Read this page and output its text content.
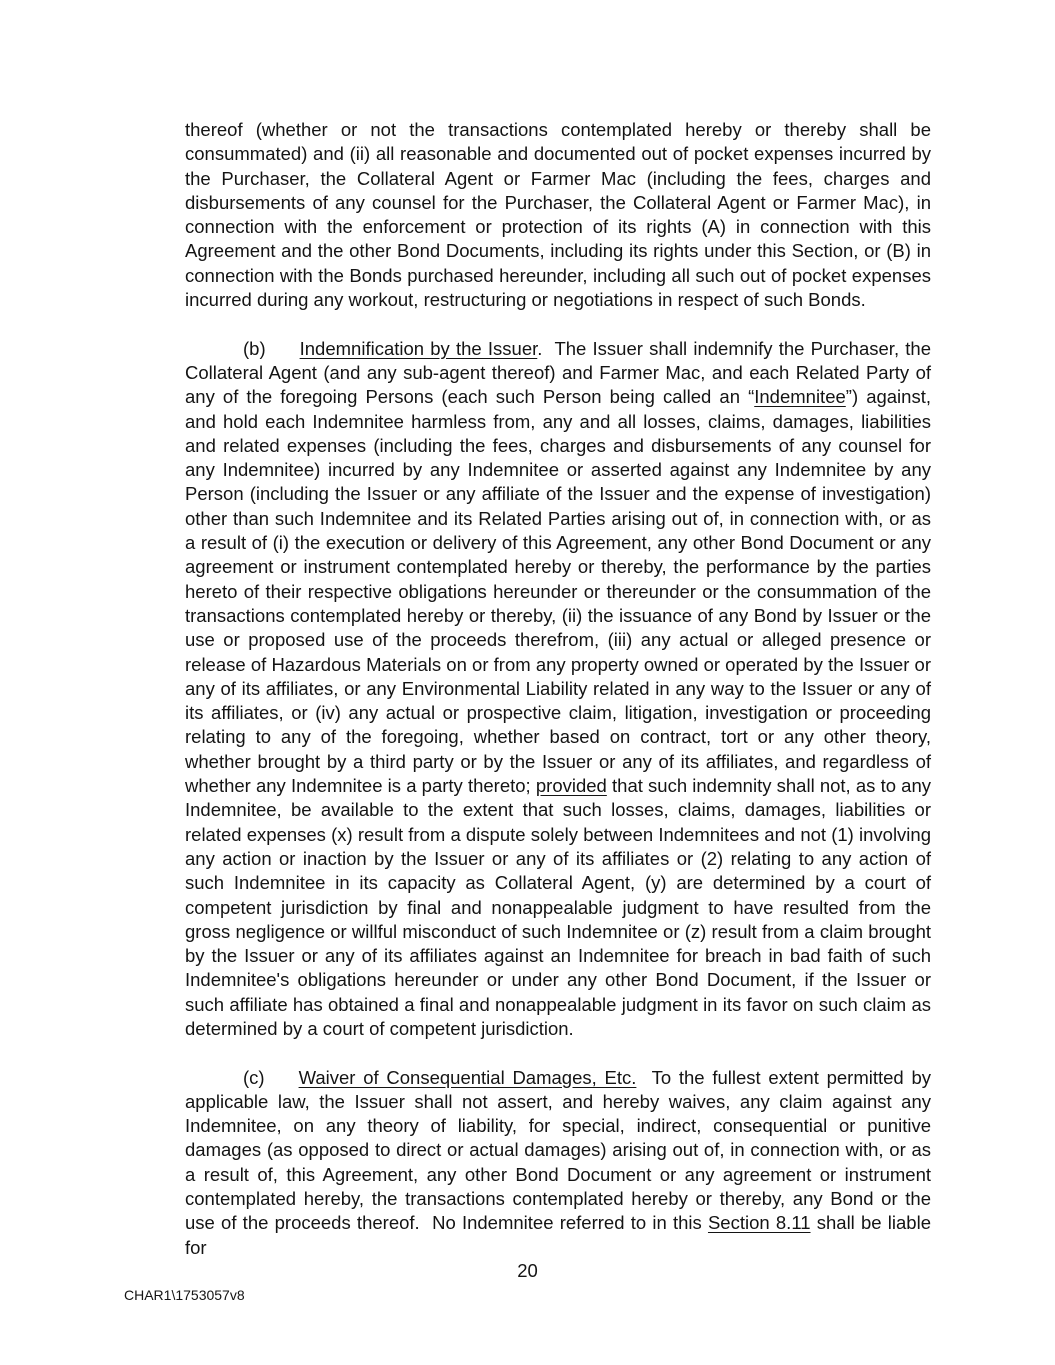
thereof (whether or not the transactions contemplated hereby or thereby shall be consummated) and (ii) all reasonable and documented out of pocket expenses incurred by the Purchaser, the Collateral Agent or Farmer Mac (including the fees, charges and disbursements of any counsel for the Purchaser, the Collateral Agent or Farmer Mac), in connection with the enforcement or protection of its rights (A) in connection with this Agreement and the other Bond Documents, including its rights under this Section, or (B) in connection with the Bonds purchased hereunder, including all such out of pocket expenses incurred during any workout, restructuring or negotiations in respect of such Bonds.

(b) Indemnification by the Issuer.  The Issuer shall indemnify the Purchaser, the Collateral Agent (and any sub-agent thereof) and Farmer Mac, and each Related Party of any of the foregoing Persons (each such Person being called an “Indemnitee”) against, and hold each Indemnitee harmless from, any and all losses, claims, damages, liabilities and related expenses (including the fees, charges and disbursements of any counsel for any Indemnitee) incurred by any Indemnitee or asserted against any Indemnitee by any Person (including the Issuer or any affiliate of the Issuer and the expense of investigation) other than such Indemnitee and its Related Parties arising out of, in connection with, or as a result of (i) the execution or delivery of this Agreement, any other Bond Document or any agreement or instrument contemplated hereby or thereby, the performance by the parties hereto of their respective obligations hereunder or thereunder or the consummation of the transactions contemplated hereby or thereby, (ii) the issuance of any Bond by Issuer or the use or proposed use of the proceeds therefrom, (iii) any actual or alleged presence or release of Hazardous Materials on or from any property owned or operated by the Issuer or any of its affiliates, or any Environmental Liability related in any way to the Issuer or any of its affiliates, or (iv) any actual or prospective claim, litigation, investigation or proceeding relating to any of the foregoing, whether based on contract, tort or any other theory, whether brought by a third party or by the Issuer or any of its affiliates, and regardless of whether any Indemnitee is a party thereto; provided that such indemnity shall not, as to any Indemnitee, be available to the extent that such losses, claims, damages, liabilities or related expenses (x) result from a dispute solely between Indemnitees and not (1) involving any action or inaction by the Issuer or any of its affiliates or (2) relating to any action of such Indemnitee in its capacity as Collateral Agent, (y) are determined by a court of competent jurisdiction by final and nonappealable judgment to have resulted from the gross negligence or willful misconduct of such Indemnitee or (z) result from a claim brought by the Issuer or any of its affiliates against an Indemnitee for breach in bad faith of such Indemnitee's obligations hereunder or under any other Bond Document, if the Issuer or such affiliate has obtained a final and nonappealable judgment in its favor on such claim as determined by a court of competent jurisdiction.

(c) Waiver of Consequential Damages, Etc.  To the fullest extent permitted by applicable law, the Issuer shall not assert, and hereby waives, any claim against any Indemnitee, on any theory of liability, for special, indirect, consequential or punitive damages (as opposed to direct or actual damages) arising out of, in connection with, or as a result of, this Agreement, any other Bond Document or any agreement or instrument contemplated hereby, the transactions contemplated hereby or thereby, any Bond or the use of the proceeds thereof.  No Indemnitee referred to in this Section 8.11 shall be liable for

20
CHAR1\1753057v8
